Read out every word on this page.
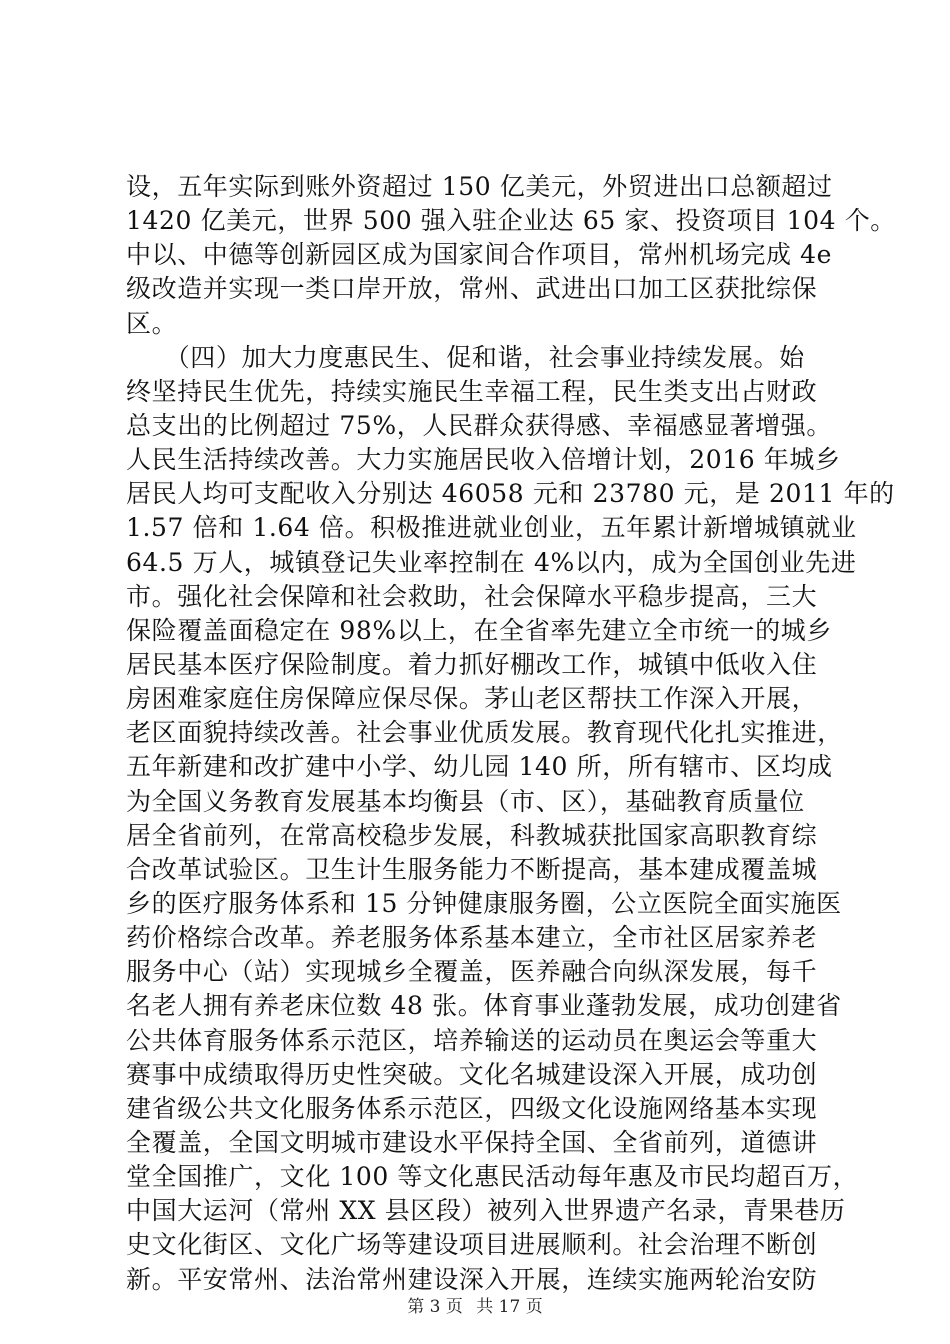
设，五年实际到账外资超过 150 亿美元，外贸进出口总额超过
1420 亿美元，世界 500 强入驻企业达 65 家、投资项目 104 个。
中以、中德等创新园区成为国家间合作项目，常州机场完成 4e
级改造并实现一类口岸开放，常州、武进出口加工区获批综保
区。
　　（四）加大力度惠民生、促和谐，社会事业持续发展。始
终坚持民生优先，持续实施民生幸福工程，民生类支出占财政
总支出的比例超过 75%，人民群众获得感、幸福感显著增强。
人民生活持续改善。大力实施居民收入倍增计划，2016 年城乡
居民人均可支配收入分别达 46058 元和 23780 元，是 2011 年的
1.57 倍和 1.64 倍。积极推进就业创业，五年累计新增城镇就业
64.5 万人，城镇登记失业率控制在 4%以内，成为全国创业先进
市。强化社会保障和社会救助，社会保障水平稳步提高，三大
保险覆盖面稳定在 98%以上，在全省率先建立全市统一的城乡
居民基本医疗保险制度。着力抓好棚改工作，城镇中低收入住
房困难家庭住房保障应保尽保。茅山老区帮扶工作深入开展，
老区面貌持续改善。社会事业优质发展。教育现代化扎实推进，
五年新建和改扩建中小学、幼儿园 140 所，所有辖市、区均成
为全国义务教育发展基本均衡县（市、区），基础教育质量位
居全省前列，在常高校稳步发展，科教城获批国家高职教育综
合改革试验区。卫生计生服务能力不断提高，基本建成覆盖城
乡的医疗服务体系和 15 分钟健康服务圈，公立医院全面实施医
药价格综合改革。养老服务体系基本建立，全市社区居家养老
服务中心（站）实现城乡全覆盖，医养融合向纵深发展，每千
名老人拥有养老床位数 48 张。体育事业蓬勃发展，成功创建省
公共体育服务体系示范区，培养输送的运动员在奥运会等重大
赛事中成绩取得历史性突破。文化名城建设深入开展，成功创
建省级公共文化服务体系示范区，四级文化设施网络基本实现
全覆盖，全国文明城市建设水平保持全国、全省前列，道德讲
堂全国推广，文化 100 等文化惠民活动每年惠及市民均超百万，
中国大运河（常州 XX 县区段）被列入世界遗产名录，青果巷历
史文化街区、文化广场等建设项目进展顺利。社会治理不断创
新。平安常州、法治常州建设深入开展，连续实施两轮治安防
第 3 页 共 17 页
